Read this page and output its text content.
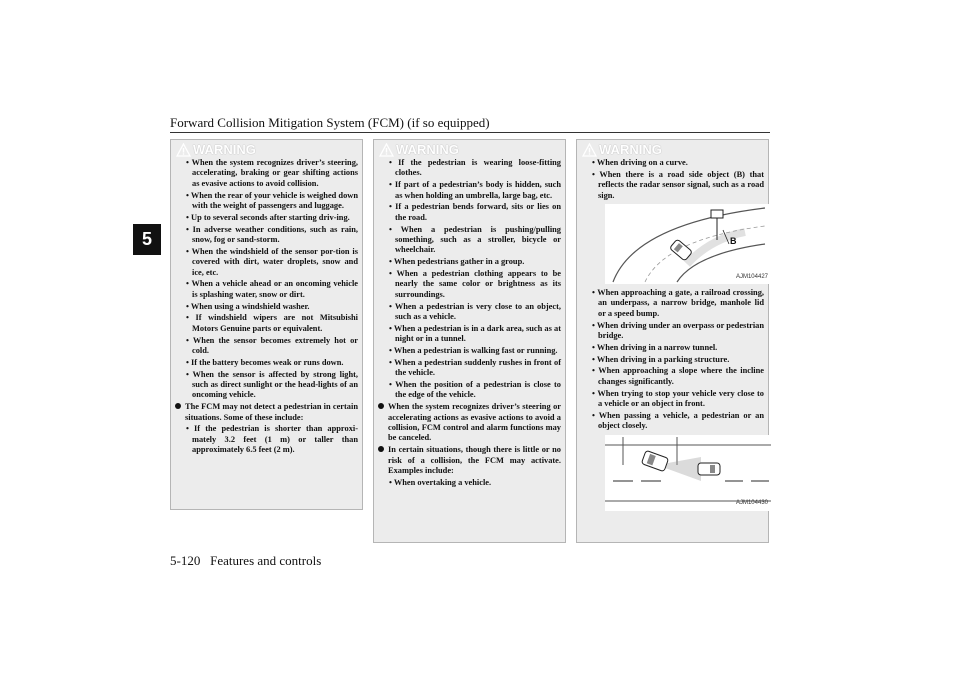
Forward Collision Mitigation System (FCM) (if so equipped)
5
WARNING
• When the system recognizes driver’s steering, accelerating, braking or gear shifting actions as evasive actions to avoid collision.
• When the rear of your vehicle is weighed down with the weight of passengers and luggage.
• Up to several seconds after starting driv-ing.
• In adverse weather conditions, such as rain, snow, fog or sand-storm.
• When the windshield of the sensor por-tion is covered with dirt, water droplets, snow and ice, etc.
• When a vehicle ahead or an oncoming vehicle is splashing water, snow or dirt.
• When using a windshield washer.
• If windshield wipers are not Mitsubishi Motors Genuine parts or equivalent.
• When the sensor becomes extremely hot or cold.
• If the battery becomes weak or runs down.
• When the sensor is affected by strong light, such as direct sunlight or the head-lights of an oncoming vehicle.
The FCM may not detect a pedestrian in certain situations. Some of these include:
• If the pedestrian is shorter than approxi-mately 3.2 feet (1 m) or taller than approximately 6.5 feet (2 m).
WARNING
• If the pedestrian is wearing loose-fitting clothes.
• If part of a pedestrian’s body is hidden, such as when holding an umbrella, large bag, etc.
• If a pedestrian bends forward, sits or lies on the road.
• When a pedestrian is pushing/pulling something, such as a stroller, bicycle or wheelchair.
• When pedestrians gather in a group.
• When a pedestrian clothing appears to be nearly the same color or brightness as its surroundings.
• When a pedestrian is very close to an object, such as a vehicle.
• When a pedestrian is in a dark area, such as at night or in a tunnel.
• When a pedestrian is walking fast or running.
• When a pedestrian suddenly rushes in front of the vehicle.
• When the position of a pedestrian is close to the edge of the vehicle.
When the system recognizes driver’s steering or accelerating actions as evasive actions to avoid a collision, FCM control and alarm functions may be canceled.
In certain situations, though there is little or no risk of a collision, the FCM may activate. Examples include:
• When overtaking a vehicle.
WARNING
• When driving on a curve.
• When there is a road side object (B) that reflects the radar sensor signal, such as a road sign.
B
AJM104427
• When approaching a gate, a railroad crossing, an underpass, a narrow bridge, manhole lid or a speed bump.
• When driving under an overpass or pedestrian bridge.
• When driving in a narrow tunnel.
• When driving in a parking structure.
• When approaching a slope where the incline changes significantly.
• When trying to stop your vehicle very close to a vehicle or an object in front.
• When passing a vehicle, a pedestrian or an object closely.
AJM104430
5-120 Features and controls
